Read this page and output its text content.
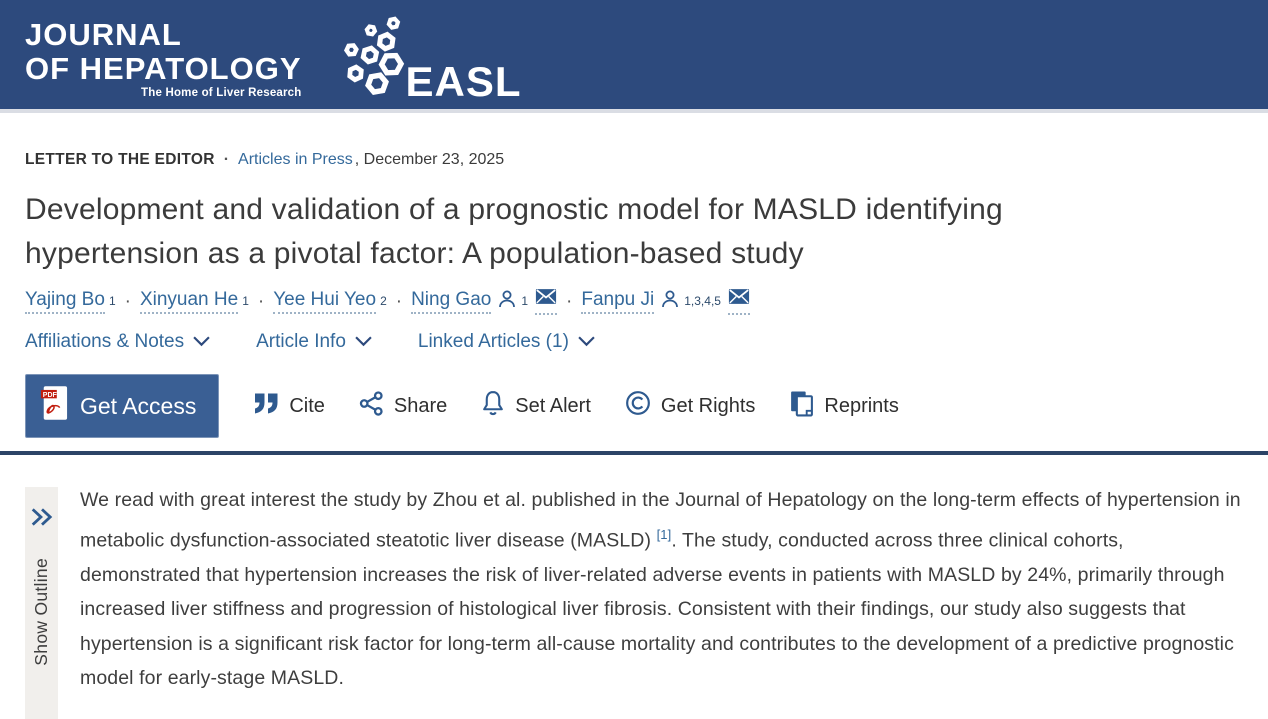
JOURNAL
OF HEPATOLOGY
The Home of Liver Research EASL
LETTER TO THE EDITOR · Articles in Press , December 23, 2025
Development and validation of a prognostic model for MASLD identifying hypertension as a pivotal factor: A population-based study
Yajing Bo $^1$ · Xinyuan He $^1$ · Yee Hui Yeo $^2$ · Ning Gao	$^1$ · Fanpu Ji	$^{1,3,4,5}$
Affiliations & Notes	Article Info	Linked Articles (1)
PDF Get Access	Cite	Share	Set Alert	Get Rights	Reprints
Show Outline

We read with great interest the study by Zhou et al. published in the Journal of Hepatology on the long-term effects of hypertension in metabolic dysfunction-associated steatotic liver disease (MASLD) [1]. The study, conducted across three clinical cohorts, demonstrated that hypertension increases the risk of liver-related adverse events in patients with MASLD by 24%, primarily through increased liver stiffness and progression of histological liver fibrosis. Consistent with their findings, our study also suggests that hypertension is a significant risk factor for long-term all-cause mortality and contributes to the development of a predictive prognostic model for early-stage MASLD.
